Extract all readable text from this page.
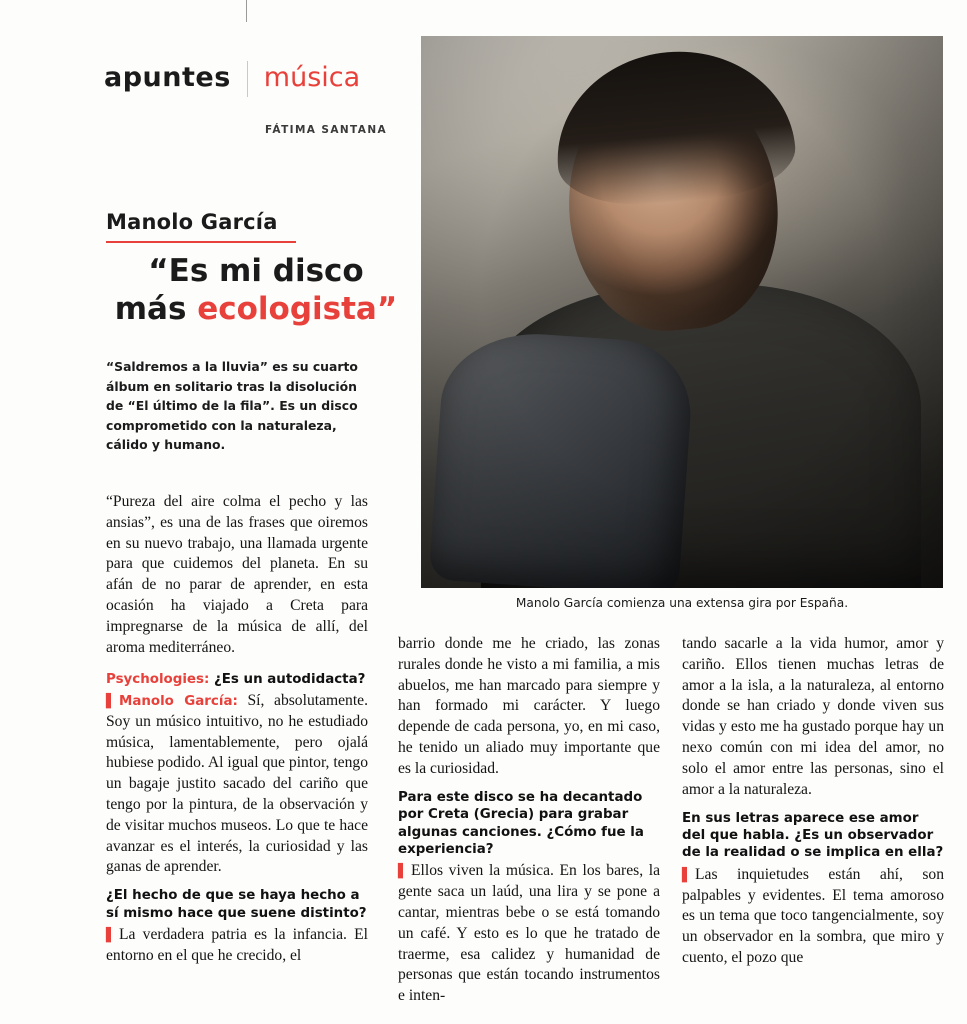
apuntes música
FÁTIMA SANTANA
Manolo García
“Es mi disco
más ecologista”
“Saldremos a la lluvia” es su cuarto álbum en solitario tras la disolución de “El último de la fila”. Es un disco comprometido con la naturaleza, cálido y humano.
Manolo García comienza una extensa gira por España.

“Pureza del aire colma el pecho y las ansias”, es una de las frases que oiremos en su nuevo trabajo, una llamada urgente para que cuidemos del planeta. En su afán de no parar de aprender, en esta ocasión ha viajado a Creta para impregnarse de la música de allí, del aroma mediterráneo.

Psychologies: ¿Es un autodidacta?
▌ Manolo García: Sí, absolutamente. Soy un músico intuitivo, no he estudiado música, lamentablemente, pero ojalá hubiese podido. Al igual que pintor, tengo un bagaje justito sacado del cariño que tengo por la pintura, de la observación y de visitar muchos museos. Lo que te hace avanzar es el interés, la curiosidad y las ganas de aprender.
¿El hecho de que se haya hecho a sí mismo hace que suene distinto?
▌ La verdadera patria es la infancia. El entorno en el que he crecido, el

barrio donde me he criado, las zonas rurales donde he visto a mi familia, a mis abuelos, me han marcado para siempre y han formado mi carácter. Y luego depende de cada persona, yo, en mi caso, he tenido un aliado muy importante que es la curiosidad.

Para este disco se ha decantado por Creta (Grecia) para grabar algunas canciones. ¿Cómo fue la experiencia?
▌ Ellos viven la música. En los bares, la gente saca un laúd, una lira y se pone a cantar, mientras bebe o se está tomando un café. Y esto es lo que he tratado de traerme, esa calidez y humanidad de personas que están tocando instrumentos e inten-

tando sacarle a la vida humor, amor y cariño. Ellos tienen muchas letras de amor a la isla, a la naturaleza, al entorno donde se han criado y donde viven sus vidas y esto me ha gustado porque hay un nexo común con mi idea del amor, no solo el amor entre las personas, sino el amor a la naturaleza.

En sus letras aparece ese amor del que habla. ¿Es un observador de la realidad o se implica en ella?
▌ Las inquietudes están ahí, son palpables y evidentes. El tema amoroso es un tema que toco tangencialmente, soy un observador en la sombra, que miro y cuento, el pozo que
